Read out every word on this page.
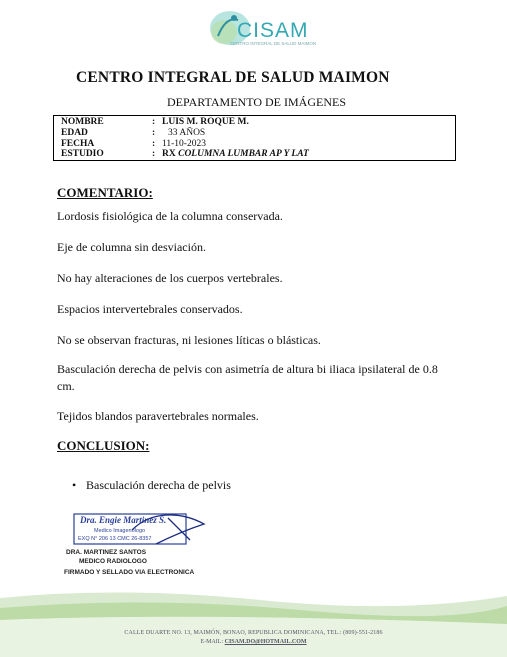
CISAM
CENTRO INTEGRAL DE SALUD MAIMON
CENTRO INTEGRAL DE SALUD MAIMON
DEPARTAMENTO DE IMÁGENES
NOMBRE	: LUIS M. ROQUE M.
EDAD	: 33 AÑOS
FECHA	: 11-10-2023
ESTUDIO	: RX COLUMNA LUMBAR AP Y LAT
COMENTARIO:
Lordosis fisiológica de la columna conservada.
Eje de columna sin desviación.
No hay alteraciones de los cuerpos vertebrales.
Espacios intervertebrales conservados.
No se observan fracturas, ni lesiones líticas o blásticas.
Basculación derecha de pelvis con asimetría de altura bi iliaca ipsilateral de 0.8 cm.
Tejidos blandos paravertebrales normales.
CONCLUSION:
• Basculación derecha de pelvis
Dra. Engie Martinez S.
Medico Imagenologo
EXQ N° 206 13 CMC 26-8357
DRA. MARTINEZ SANTOS
MEDICO RADIOLOGO
FIRMADO Y SELLADO VIA ELECTRONICA
CALLE DUARTE NO. 13, MAIMÓN, BONAO, REPUBLICA DOMINICANA, TEL.: (809)-551-2186
E-MAIL: CISAM.DO@HOTMAIL.COM
